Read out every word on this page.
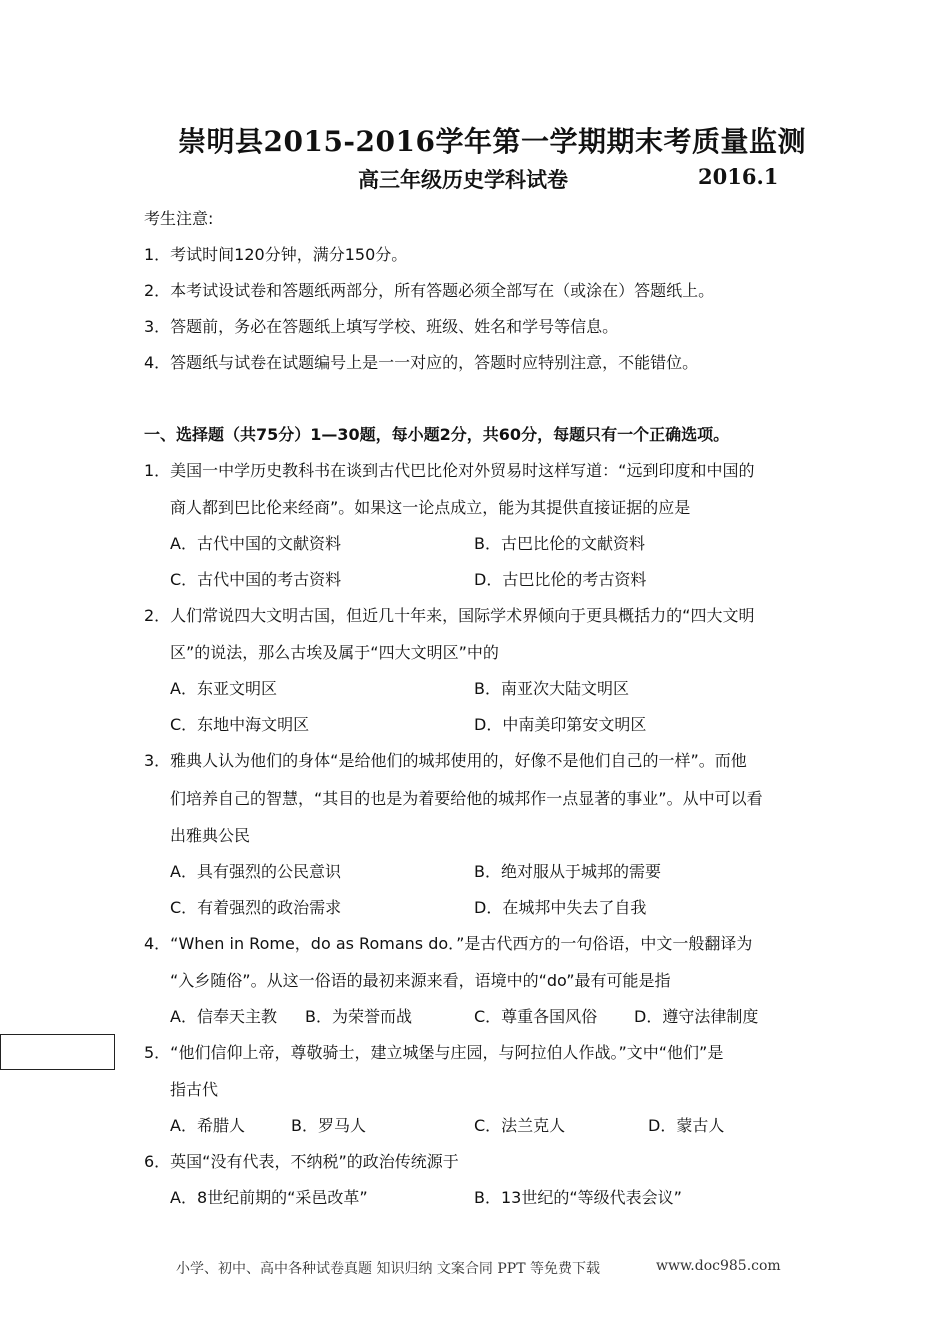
崇明县2015-2016学年第一学期期末考质量监测
高三年级历史学科试卷	2016.1
考生注意:
1．考试时间120分钟，满分150分。
2．本考试设试卷和答题纸两部分，所有答题必须全部写在（或涂在）答题纸上。
3．答题前，务必在答题纸上填写学校、班级、姓名和学号等信息。
4．答题纸与试卷在试题编号上是一一对应的，答题时应特别注意，不能错位。
一、选择题（共75分）1—30题，每小题2分，共60分，每题只有一个正确选项。
1．美国一中学历史教科书在谈到古代巴比伦对外贸易时这样写道：“远到印度和中国的
商人都到巴比伦来经商”。如果这一论点成立，能为其提供直接证据的应是
A．古代中国的文献资料	B．古巴比伦的文献资料
C．古代中国的考古资料	D．古巴比伦的考古资料
2．人们常说四大文明古国，但近几十年来，国际学术界倾向于更具概括力的“四大文明
区”的说法，那么古埃及属于“四大文明区”中的
A．东亚文明区	B．南亚次大陆文明区
C．东地中海文明区	D．中南美印第安文明区
3．雅典人认为他们的身体“是给他们的城邦使用的，好像不是他们自己的一样”。而他
们培养自己的智慧，“其目的也是为着要给他的城邦作一点显著的事业”。从中可以看
出雅典公民
A．具有强烈的公民意识	B．绝对服从于城邦的需要
C．有着强烈的政治需求	D．在城邦中失去了自我
4．“When in Rome，do as Romans do．”是古代西方的一句俗语，中文一般翻译为
“入乡随俗”。从这一俗语的最初来源来看，语境中的“do”最有可能是指
A．信奉天主教 B．为荣誉而战	C．尊重各国风俗 D．遵守法律制度
5．“他们信仰上帝，尊敬骑士，建立城堡与庄园，与阿拉伯人作战。”文中“他们”是
指古代
A．希腊人	B．罗马人	C．法兰克人	D．蒙古人
6．英国“没有代表，不纳税”的政治传统源于
A．8世纪前期的“采邑改革”	B．13世纪的“等级代表会议”
小学、初中、高中各种试卷真题 知识归纳 文案合同 PPT 等免费下载	www.doc985.com
